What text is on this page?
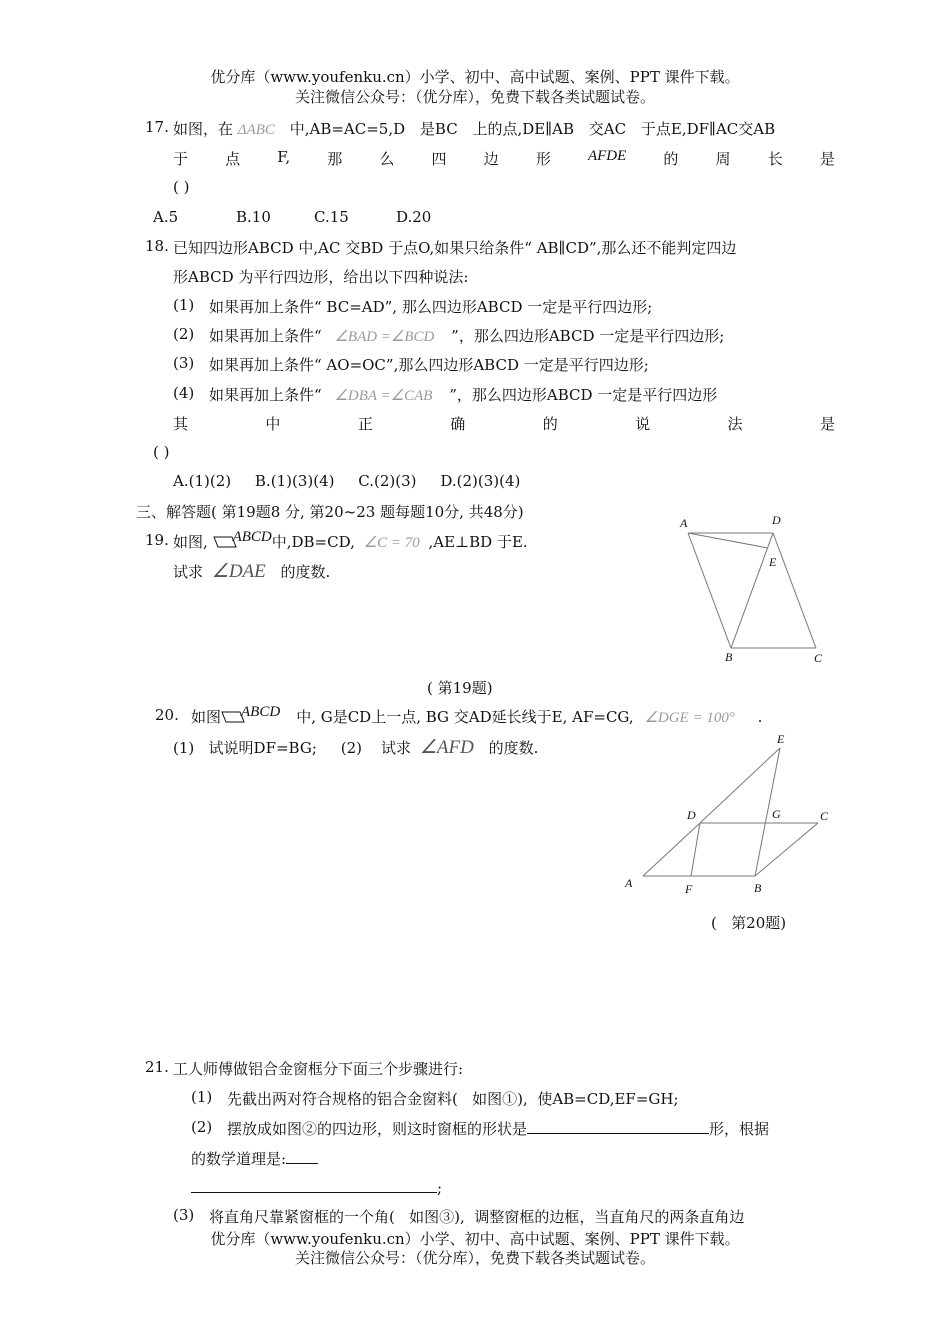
优分库（www.youfenku.cn）小学、初中、高中试题、案例、PPT 课件下载。
关注微信公众号：（优分库），免费下载各类试题试卷。
17. 如图，在 ΔABC 中,AB=AC=5,D 是BC 上的点,DE∥AB 交AC 于点E,DF∥AC交AB
于 点 F, 那 么 四 边 形 AFDE 的 周 长 是
( )
A.5	B.10	C.15	D.20
18. 已知四边形ABCD 中,AC 交BD 于点O,如果只给条件“ AB∥CD”,那么还不能判定四边
形ABCD 为平行四边形，给出以下四种说法:
(1) 如果再加上条件“ BC=AD”, 那么四边形ABCD 一定是平行四边形;
(2) 如果再加上条件“ ∠BAD =∠BCD ”，那么四边形ABCD 一定是平行四边形;
(3) 如果再加上条件“ AO=OC”,那么四边形ABCD 一定是平行四边形;
(4) 如果再加上条件“ ∠DBA =∠CAB ”，那么四边形ABCD 一定是平行四边形
其	中	正	确	的	说	法	是
( )
A.(1)(2)     B.(1)(3)(4)     C.(2)(3)     D.(2)(3)(4)
三、解答题( 第19题8 分, 第20~23 题每题10分, 共48分)
19. 如图, ABCD中,DB=CD, ∠C = 70 ,AE⊥BD 于E.
试求 ∠DAE 的度数.
A	D
E
B	C
( 第19题)
20. 如图 ABCD 中, G是CD上一点, BG 交AD延长线于E, AF=CG, ∠DGE = 100° .
(1)   试说明DF=BG;     (2)    试求 ∠AFD 的度数.	E
D	G	C
A	F	B
(   第20题)
21. 工人师傅做铝合金窗框分下面三个步骤进行:
(1) 先截出两对符合规格的铝合金窗料(   如图①),  使AB=CD,EF=GH;
(2) 摆放成如图②的四边形，则这时窗框的形状是	形，根据
的数学道理是:
;
(3) 将直角尺靠紧窗框的一个角(   如图③),  调整窗框的边框，当直角尺的两条直角边
优分库（www.youfenku.cn）小学、初中、高中试题、案例、PPT 课件下载。
关注微信公众号：（优分库），免费下载各类试题试卷。
